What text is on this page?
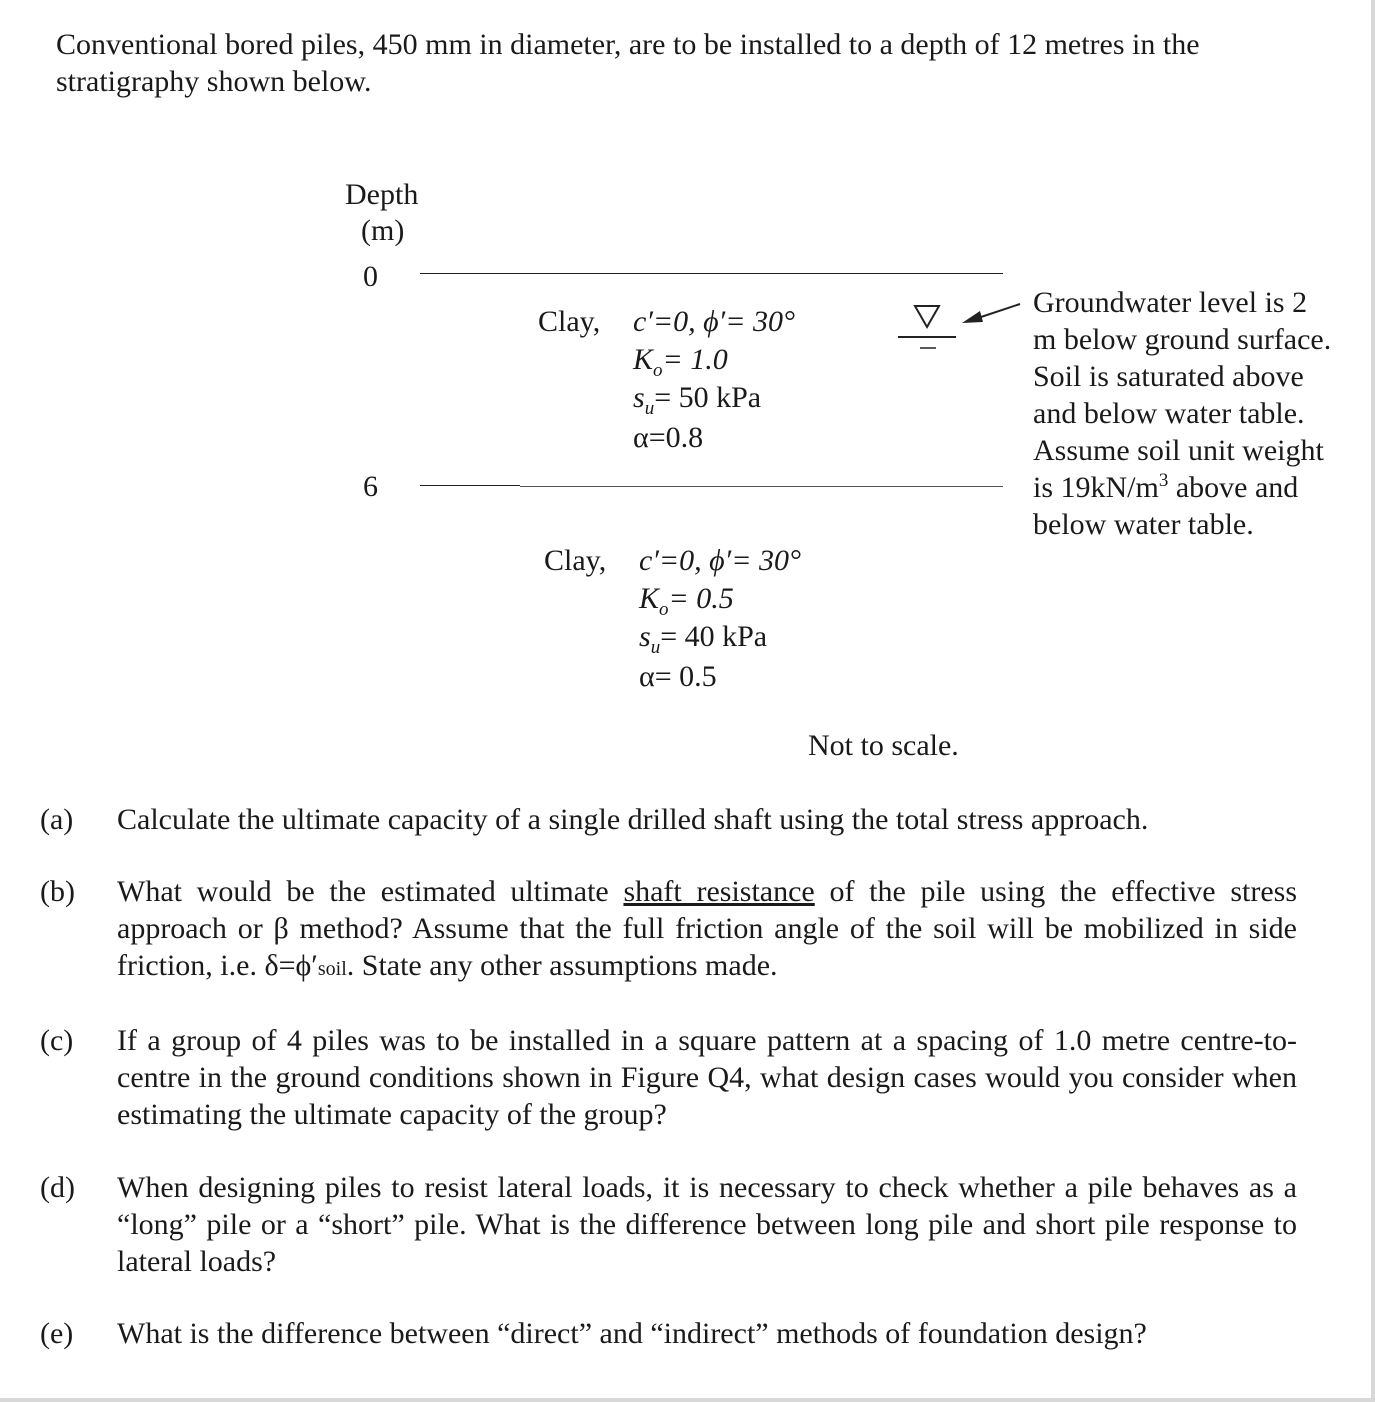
Conventional bored piles, 450 mm in diameter, are to be installed to a depth of 12 metres in the stratigraphy shown below.
Depth
(m)
0
6
Clay, c′=0, ϕ′= 30°
$K_o= 1.0$
$s_u= 50$ kPa
α=0.8
Clay, c′=0, ϕ′= 30°
$K_o= 0.5$
$s_u= 40$ kPa
α= 0.5
Groundwater level is 2 m below ground surface. Soil is saturated above and below water table. Assume soil unit weight is $19kN/m^3$ above and below water table.
Not to scale.
(a) Calculate the ultimate capacity of a single drilled shaft using the total stress approach.
(b) What would be the estimated ultimate shaft resistance of the pile using the effective stress approach or β method? Assume that the full friction angle of the soil will be mobilized in side friction, i.e. δ=ϕ′soil. State any other assumptions made.
(c) If a group of 4 piles was to be installed in a square pattern at a spacing of 1.0 metre centre-to-centre in the ground conditions shown in Figure Q4, what design cases would you consider when estimating the ultimate capacity of the group?
(d) When designing piles to resist lateral loads, it is necessary to check whether a pile behaves as a “long” pile or a “short” pile. What is the difference between long pile and short pile response to lateral loads?
(e) What is the difference between “direct” and “indirect” methods of foundation design?
